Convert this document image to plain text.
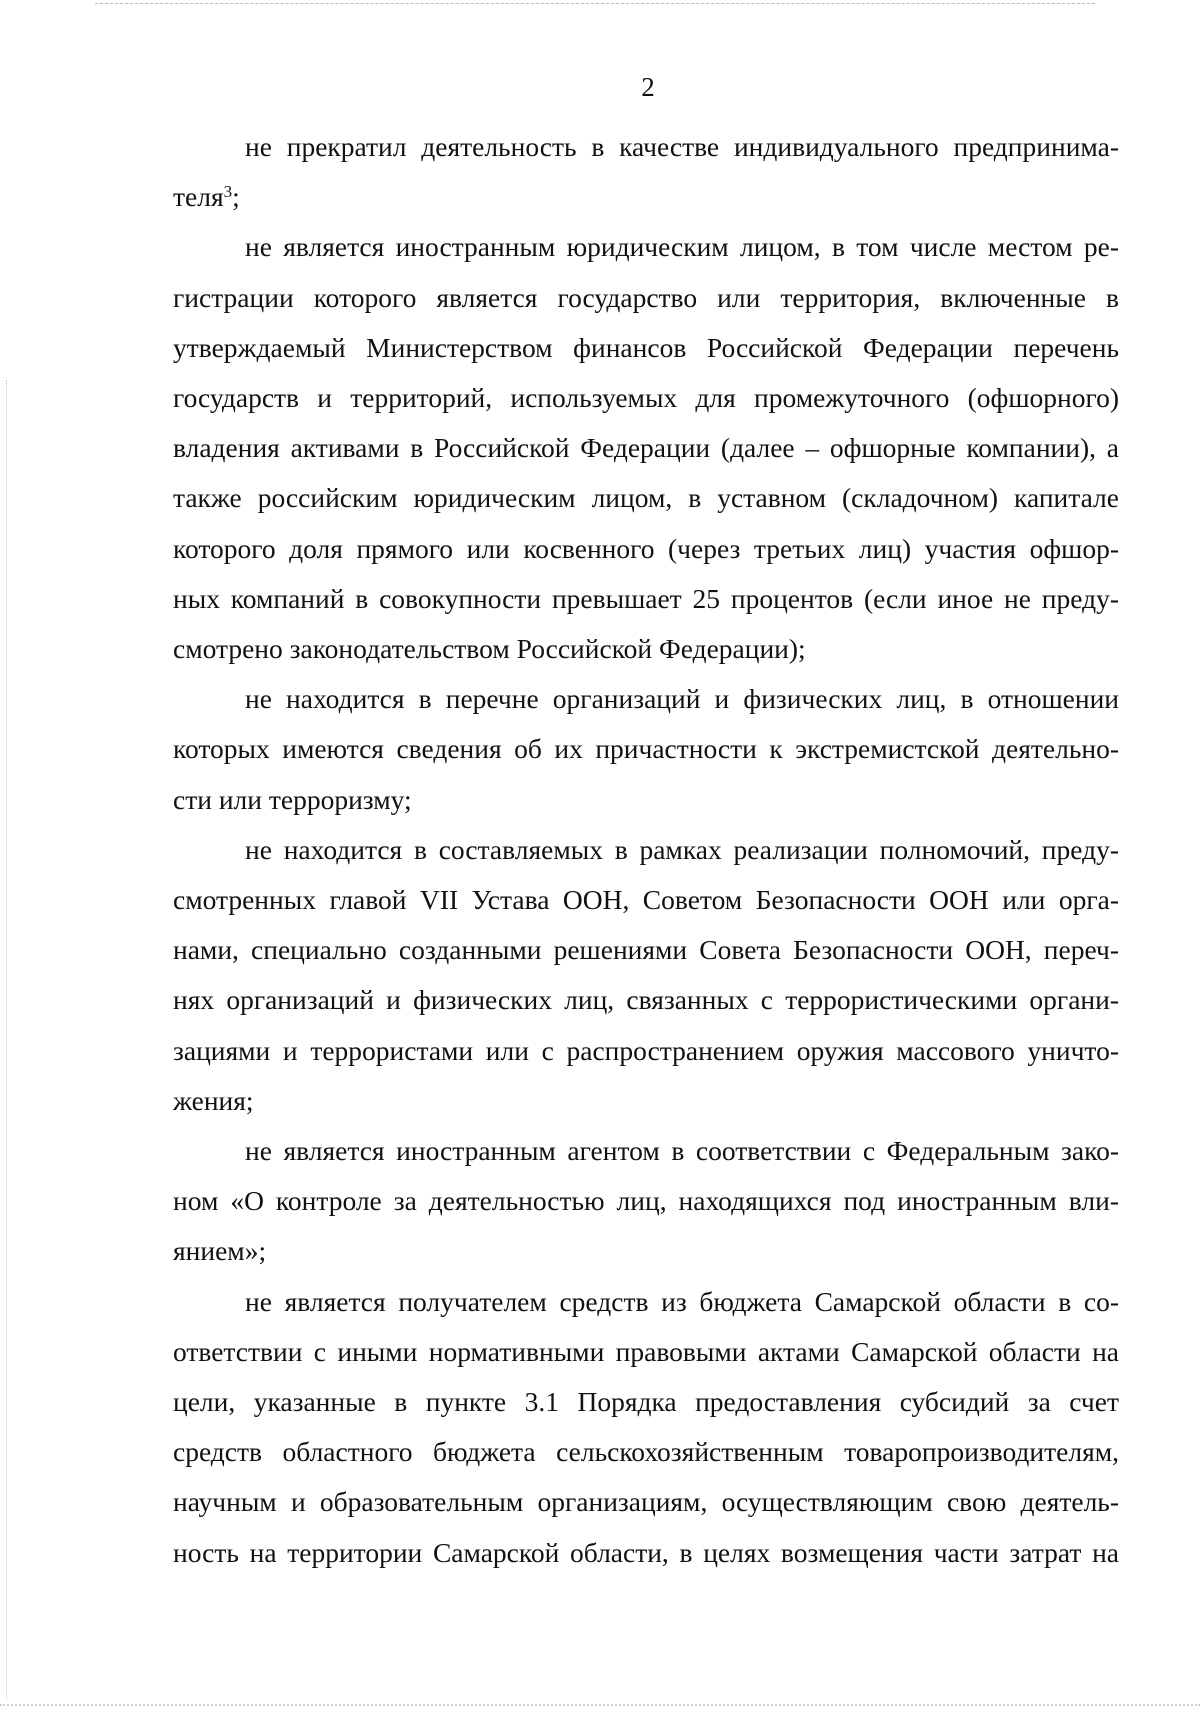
2
не прекратил деятельность в качестве индивидуального предпринима-
теля$^3$;
не является иностранным юридическим лицом, в том числе местом ре-
гистрации которого является государство или территория, включенные в
утверждаемый Министерством финансов Российской Федерации перечень
государств и территорий, используемых для промежуточного (офшорного)
владения активами в Российской Федерации (далее – офшорные компании), а
также российским юридическим лицом, в уставном (складочном) капитале
которого доля прямого или косвенного (через третьих лиц) участия офшор-
ных компаний в совокупности превышает 25 процентов (если иное не преду-
смотрено законодательством Российской Федерации);
не находится в перечне организаций и физических лиц, в отношении
которых имеются сведения об их причастности к экстремистской деятельно-
сти или терроризму;
не находится в составляемых в рамках реализации полномочий, преду-
смотренных главой VII Устава ООН, Советом Безопасности ООН или орга-
нами, специально созданными решениями Совета Безопасности ООН, переч-
нях организаций и физических лиц, связанных с террористическими органи-
зациями и террористами или с распространением оружия массового уничто-
жения;
не является иностранным агентом в соответствии с Федеральным зако-
ном «О контроле за деятельностью лиц, находящихся под иностранным вли-
янием»;
не является получателем средств из бюджета Самарской области в со-
ответствии с иными нормативными правовыми актами Самарской области на
цели, указанные в пункте 3.1 Порядка предоставления субсидий за счет
средств областного бюджета сельскохозяйственным товаропроизводителям,
научным и образовательным организациям, осуществляющим свою деятель-
ность на территории Самарской области, в целях возмещения части затрат на
